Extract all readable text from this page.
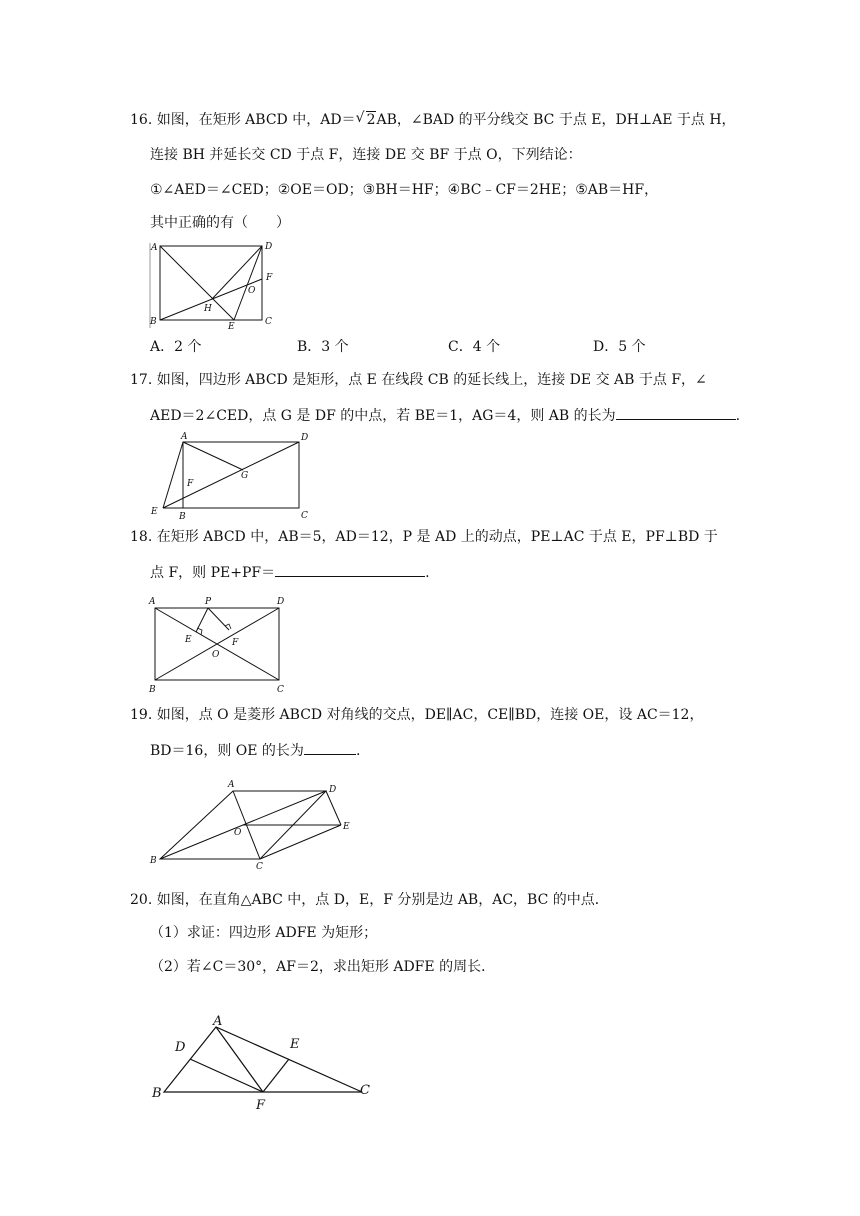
16. 如图，在矩形 ABCD 中，AD＝ √ 2AB，∠BAD 的平分线交 BC 于点 E，DH⊥AE 于点 H，
连接 BH 并延长交 CD 于点 F，连接 DE 交 BF 于点 O，下列结论：
①∠AED＝∠CED；②OE＝OD；③BH＝HF；④BC﹣CF＝2HE；⑤AB＝HF，
其中正确的有（　　）
A	D
F
O
H
B	E	C
A．2 个	B．3 个	C．4 个	D．5 个
17. 如图，四边形 ABCD 是矩形，点 E 在线段 CB 的延长线上，连接 DE 交 AB 于点 F，∠
AED＝2∠CED，点 G 是 DF 的中点，若 BE＝1，AG＝4，则 AB 的长为	.
A	D
G
F
E B	C
18. 在矩形 ABCD 中，AB＝5，AD＝12，P 是 AD 上的动点，PE⊥AC 于点 E，PF⊥BD 于
点 F，则 PE+PF＝	.
A	P	D
E	F
O
B	C
19. 如图，点 O 是菱形 ABCD 对角线的交点，DE∥AC，CE∥BD，连接 OE，设 AC＝12，
BD＝16，则 OE 的长为	.
A	D
E
O
B
C
20. 如图，在直角△ABC 中，点 D，E，F 分别是边 AB，AC，BC 的中点．
（1）求证：四边形 ADFE 为矩形；
（2）若∠C＝30°，AF＝2，求出矩形 ADFE 的周长．
A
D	E
B
F
C
